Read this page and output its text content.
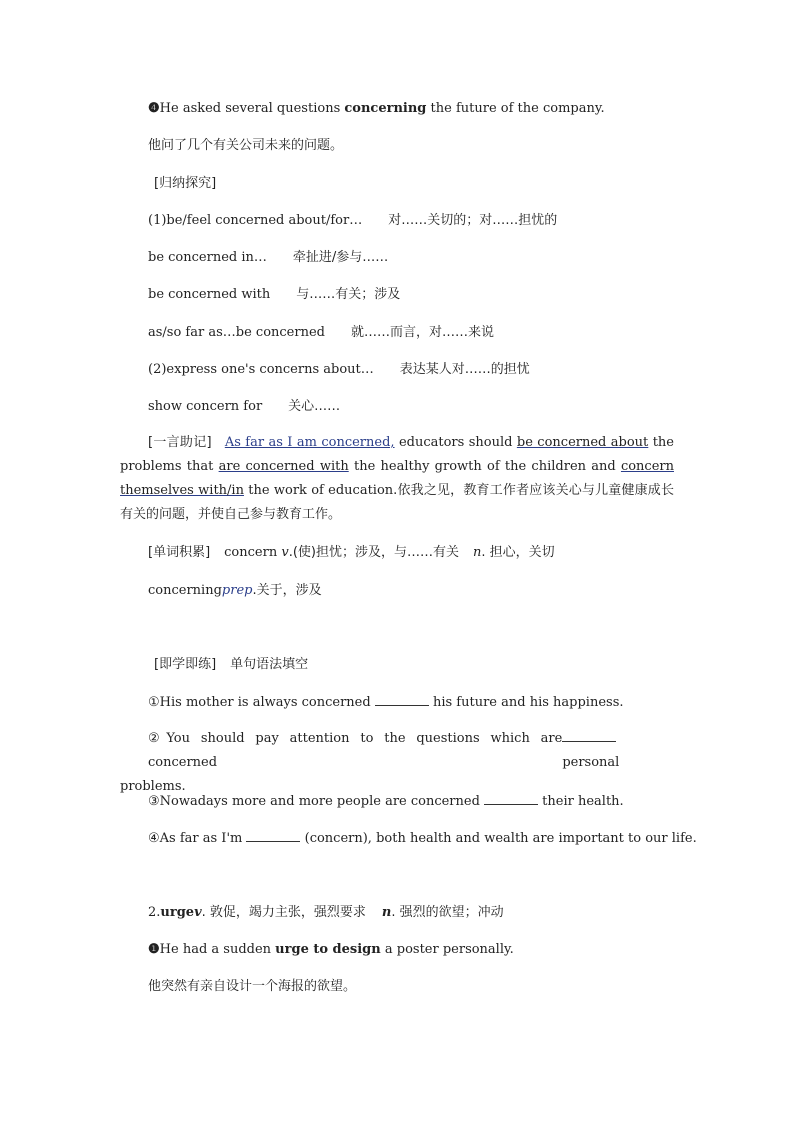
❹He asked several questions concerning the future of the company.
他问了几个有关公司未来的问题。
[归纳探究]
(1)be/feel concerned about/for… 对……关切的；对……担忧的
be concerned in… 牵扯进/参与……
be concerned with 与……有关；涉及
as/so far as…be concerned 就……而言，对……来说
(2)express one's concerns about… 表达某人对……的担忧
show concern for 关心……
[一言助记] As far as I am concerned, educators should be concerned about the problems that are concerned with the healthy growth of the children and concern themselves with/in the work of education.依我之见，教育工作者应该关心与儿童健康成长有关的问题，并使自己参与教育工作。
[单词积累] concern v.(使)担忧；涉及，与……有关 n. 担心，关切
concerningprep.关于，涉及
[即学即练] 单句语法填空
①His mother is always concerned	his future and his happiness.
②You should pay attention to the questions which are concerned	personal
problems.
③Nowadays more and more people are concerned	their health.
④As far as I'm	(concern), both health and wealth are important to our life.
2.urgev. 敦促，竭力主张，强烈要求 n. 强烈的欲望；冲动
❶He had a sudden urge to design a poster personally.
他突然有亲自设计一个海报的欲望。
